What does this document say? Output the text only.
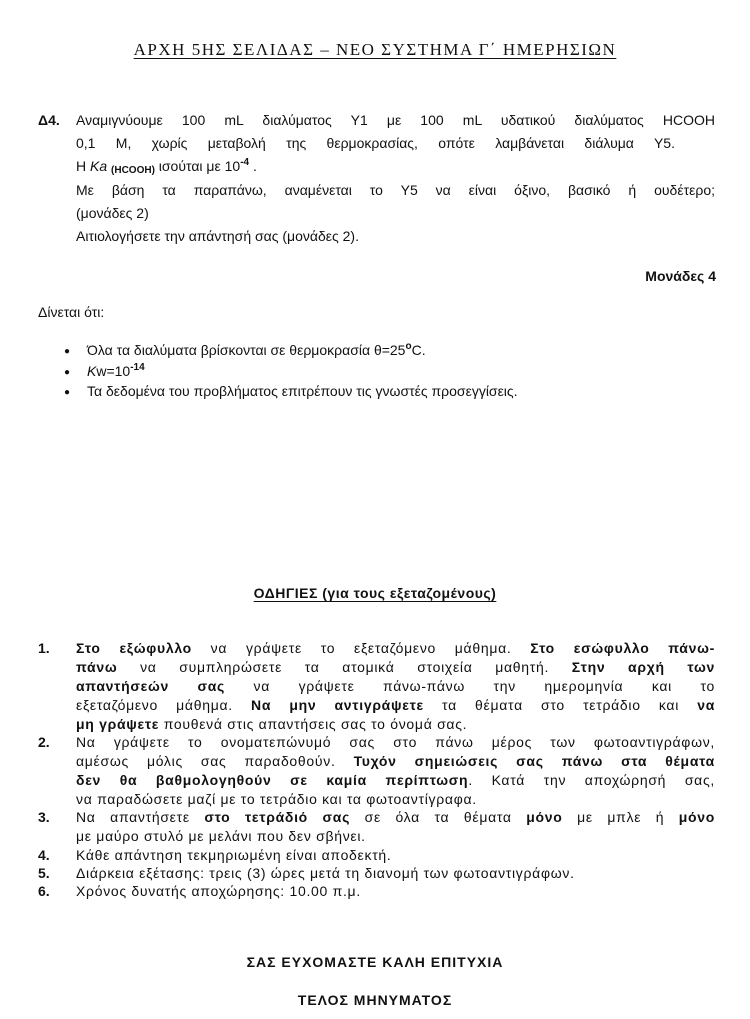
ΑΡΧΗ 5ΗΣ ΣΕΛΙΔΑΣ – ΝΕΟ ΣΥΣΤΗΜΑ Γ΄ ΗΜΕΡΗΣΙΩΝ
Δ4. Αναμιγνύουμε 100 mL διαλύματος Υ1 με 100 mL υδατικού διαλύματος HCOOH
0,1 M, χωρίς μεταβολή της θερμοκρασίας, οπότε λαμβάνεται διάλυμα Υ5.
Η Ka $_{(HCOOH)}$ ισούται με $10^{-4}$ .
Με βάση τα παραπάνω, αναμένεται το Υ5 να είναι όξινο, βασικό ή ουδέτερο;
(μονάδες 2)
Αιτιολογήσετε την απάντησή σας (μονάδες 2).
Μονάδες 4
Δίνεται ότι:
● Όλα τα διαλύματα βρίσκονται σε θερμοκρασία $\theta=25^oC$.
● $Kw=10^{-14}$
● Τα δεδομένα του προβλήματος επιτρέπουν τις γνωστές προσεγγίσεις.
ΟΔΗΓΙΕΣ (για τους εξεταζομένους)
1. Στο εξώφυλλο να γράψετε το εξεταζόμενο μάθημα. Στο εσώφυλλο πάνω-
πάνω να συμπληρώσετε τα ατομικά στοιχεία μαθητή. Στην αρχή των
απαντήσεών σας να γράψετε πάνω-πάνω την ημερομηνία και το
εξεταζόμενο μάθημα. Να μην αντιγράψετε τα θέματα στο τετράδιο και να
μη γράψετε πουθενά στις απαντήσεις σας το όνομά σας.
2. Να γράψετε το ονοματεπώνυμό σας στο πάνω μέρος των φωτοαντιγράφων,
αμέσως μόλις σας παραδοθούν. Τυχόν σημειώσεις σας πάνω στα θέματα
δεν θα βαθμολογηθούν σε καμία περίπτωση. Κατά την αποχώρησή σας,
να παραδώσετε μαζί με το τετράδιο και τα φωτοαντίγραφα.
3. Να απαντήσετε στο τετράδιό σας σε όλα τα θέματα μόνο με μπλε ή μόνο
με μαύρο στυλό με μελάνι που δεν σβήνει.
4. Κάθε απάντηση τεκμηριωμένη είναι αποδεκτή.
5. Διάρκεια εξέτασης: τρεις (3) ώρες μετά τη διανομή των φωτοαντιγράφων.
6. Χρόνος δυνατής αποχώρησης: 10.00 π.μ.
ΣΑΣ ΕΥΧΟΜΑΣΤΕ ΚΑΛΗ ΕΠΙΤΥΧΙΑ
ΤΕΛΟΣ ΜΗΝΥΜΑΤΟΣ
